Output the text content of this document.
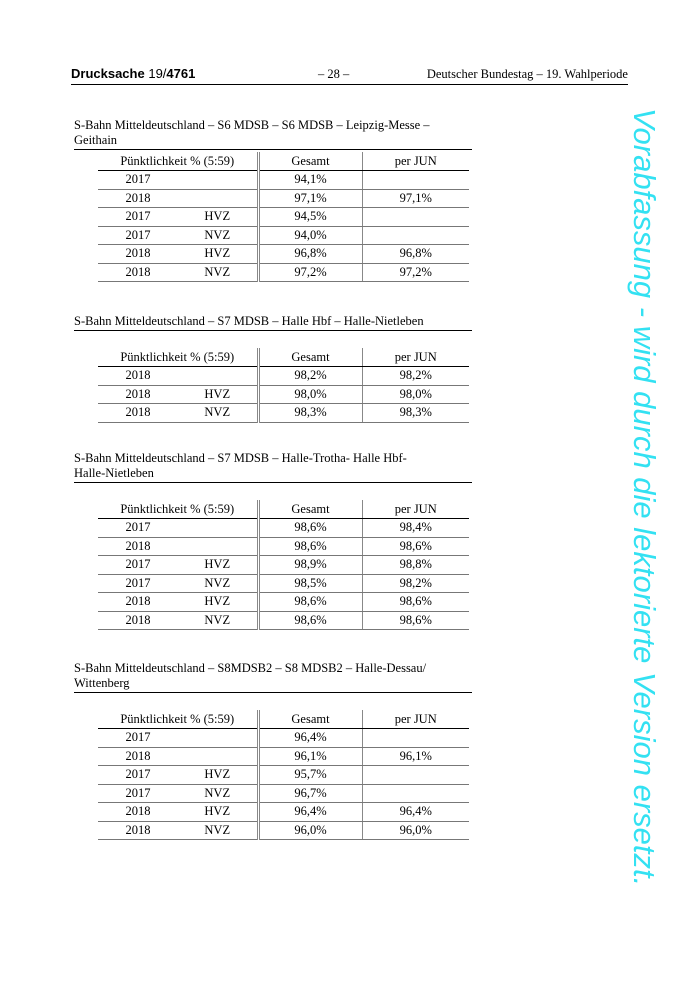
Drucksache 19/4761	– 28 –	Deutscher Bundestag – 19. Wahlperiode
S-Bahn Mitteldeutschland – S6 MDSB – S6 MDSB – Leipzig-Messe – Geithain
Pünktlichkeit % (5:59)		Gesamt	per JUN
2017		94,1%	
2018		97,1%	97,1%
2017	HVZ	94,5%	
2017	NVZ	94,0%	
2018	HVZ	96,8%	96,8%
2018	NVZ	97,2%	97,2%
S-Bahn Mitteldeutschland – S7 MDSB – Halle Hbf – Halle-Nietleben
Pünktlichkeit % (5:59)		Gesamt	per JUN
2018		98,2%	98,2%
2018	HVZ	98,0%	98,0%
2018	NVZ	98,3%	98,3%
S-Bahn Mitteldeutschland – S7 MDSB – Halle-Trotha- Halle Hbf-
Halle-Nietleben
Pünktlichkeit % (5:59)		Gesamt	per JUN
2017		98,6%	98,4%
2018		98,6%	98,6%
2017	HVZ	98,9%	98,8%
2017	NVZ	98,5%	98,2%
2018	HVZ	98,6%	98,6%
2018	NVZ	98,6%	98,6%
S-Bahn Mitteldeutschland – S8MDSB2 – S8 MDSB2 – Halle-Dessau/
Wittenberg
Pünktlichkeit % (5:59)		Gesamt	per JUN
2017		96,4%	
2018		96,1%	96,1%
2017	HVZ	95,7%	
2017	NVZ	96,7%	
2018	HVZ	96,4%	96,4%
2018	NVZ	96,0%	96,0%	Vorabfassung - wird durch die lektorierte Version ersetzt.
